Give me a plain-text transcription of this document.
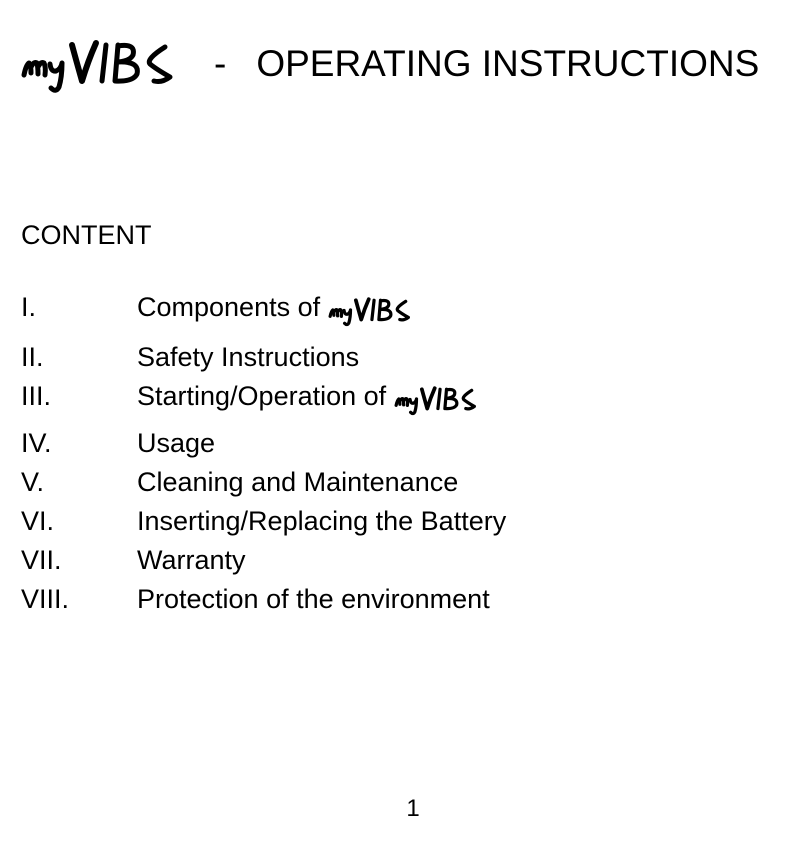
- OPERATING INSTRUCTIONS
CONTENT
I.	Components of
II.	Safety Instructions
III.	Starting/Operation of
IV.	Usage
V.	Cleaning and Maintenance
VI.	Inserting/Replacing the Battery
VII.	Warranty
VIII.	Protection of the environment
1
